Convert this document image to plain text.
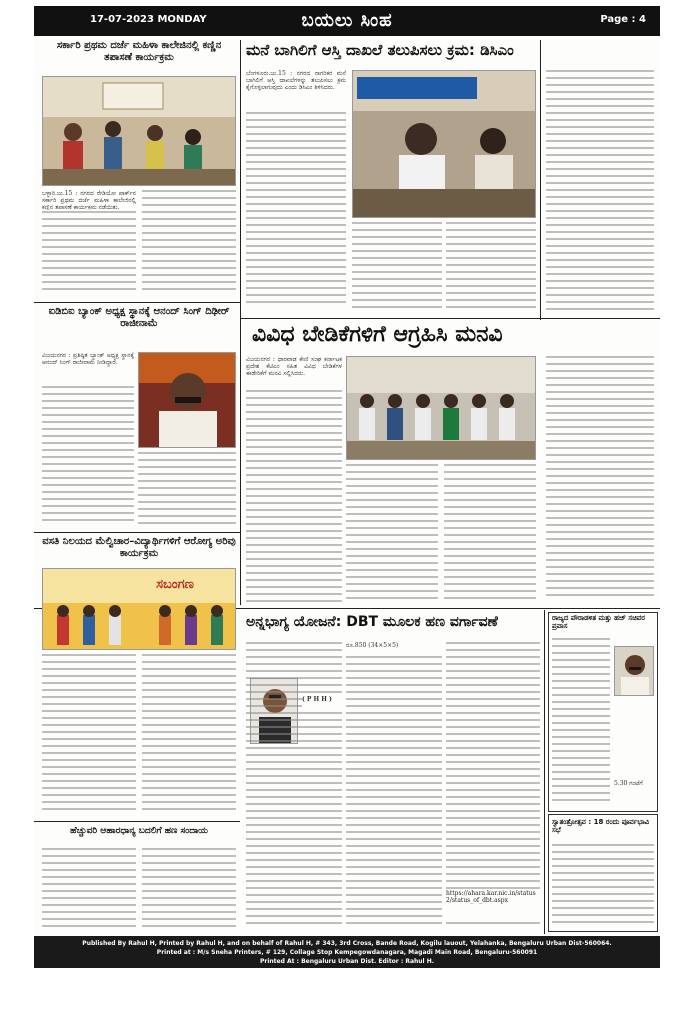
17-07-2023 MONDAY	ಬಯಲು ಸಿಂಹ	Page : 4
ಸರ್ಕಾರಿ ಪ್ರಥಮ ದರ್ಜೆ ಮಹಿಳಾ ಕಾಲೇಜಿನಲ್ಲಿ ಕಣ್ಣಿನ ತಪಾಸಣೆ ಕಾರ್ಯಕ್ರಮ
ಬಳ್ಳಾರಿ.ಜು.15 : ನಗರದ ರೇಡಿಯೋ ಪಾರ್ಕ್‌ನ ಸರ್ಕಾರಿ ಪ್ರಥಮ ದರ್ಜೆ ಮಹಿಳಾ ಕಾಲೇಜಿನಲ್ಲಿ ಕಣ್ಣಿನ ತಪಾಸಣೆ ಕಾರ್ಯಕ್ರಮ ನಡೆಯಿತು.
ಮನೆ ಬಾಗಿಲಿಗೆ ಆಸ್ತಿ ದಾಖಲೆ ತಲುಪಿಸಲು ಕ್ರಮ: ಡಿಸಿಎಂ
ಬೆಂಗಳೂರು.ಜು.15 : ನಗರದ ನಾಗರಿಕರ ಮನೆ ಬಾಗಿಲಿಗೆ ಆಸ್ತಿ ದಾಖಲೆಗಳನ್ನು ತಲುಪಿಸಲು ಕ್ರಮ ಕೈಗೊಳ್ಳಲಾಗುವುದು ಎಂದು ಡಿಸಿಎಂ ತಿಳಿಸಿದರು.
ಐಡಿಬಿಐ ಬ್ಯಾಂಕ್ ಅಧ್ಯಕ್ಷ ಸ್ಥಾನಕ್ಕೆ ಆನಂದ್ ಸಿಂಗ್ ದಿಢೀರ್ ರಾಜೀನಾಮೆ
ವಿಜಯನಗರ : ಪ್ರತಿಷ್ಠಿತ ಬ್ಯಾಂಕ್ ಅಧ್ಯಕ್ಷ ಸ್ಥಾನಕ್ಕೆ ಆನಂದ್ ಸಿಂಗ್ ರಾಜೀನಾಮೆ ನೀಡಿದ್ದಾರೆ.
ವಿವಿಧ ಬೇಡಿಕೆಗಳಿಗೆ ಆಗ್ರಹಿಸಿ ಮನವಿ
ವಿಜಯನಗರ : ಧಾರವಾಡ ಕೇಣಿ ಸಂಘ ಕರ್ನಾಟಕ ಪ್ರದೇಶ ಕೆಟಿಎಂ ಸಹಿತ ವಿವಿಧ ಬೇಡಿಕೆಗಳ ಈಡೇರಿಕೆಗೆ ಮನವಿ ಸಲ್ಲಿಸಿದರು.
ವಸತಿ ನಿಲಯದ ಮೆಲ್ವಿಚಾರ–ವಿದ್ಯಾರ್ಥಿಗಳಿಗೆ ಆರೋಗ್ಯ ಅರಿವು ಕಾರ್ಯಕ್ರಮ
ಸಬಂಗಣ
ಅನ್ನಭಾಗ್ಯ ಯೋಜನೆ: DBT ಮೂಲಕ ಹಣ ವರ್ಗಾವಣೆ
( P H H )
ರೂ.850 (34×5×5)
https://ahara.kar.nic.in/status2/status_of_dbt.aspx
ಹೆಚ್ಚುವರಿ ಆಹಾರಧಾನ್ಯ ಬದಲಿಗೆ ಹಣ ಸಂದಾಯ
ರಾಜ್ಯದ ಪೌರಾಡಳಿತ ಮತ್ತು ಹಜ್ ಸಚಿವರ ಪ್ರವಾಸ
5.30 ಗಂಟೆಗೆ
ಸ್ವಾತಂತ್ರೋತ್ಸವ : 18 ರಂದು ಪೂರ್ವಭಾವಿ ಸಭೆ
Published By Rahul H, Printed by Rahul H, and on behalf of Rahul H, # 343, 3rd Cross, Bande Road, Kogilu lauout, Yelahanka, Bengaluru Urban Dist-560064.
Printed at : M/s Sneha Printers, # 129, Collage Stop Kempegowdanagara, Magadi Main Road, Bengaluru-560091
Printed At : Bengaluru Urban Dist. Editor : Rahul H.
